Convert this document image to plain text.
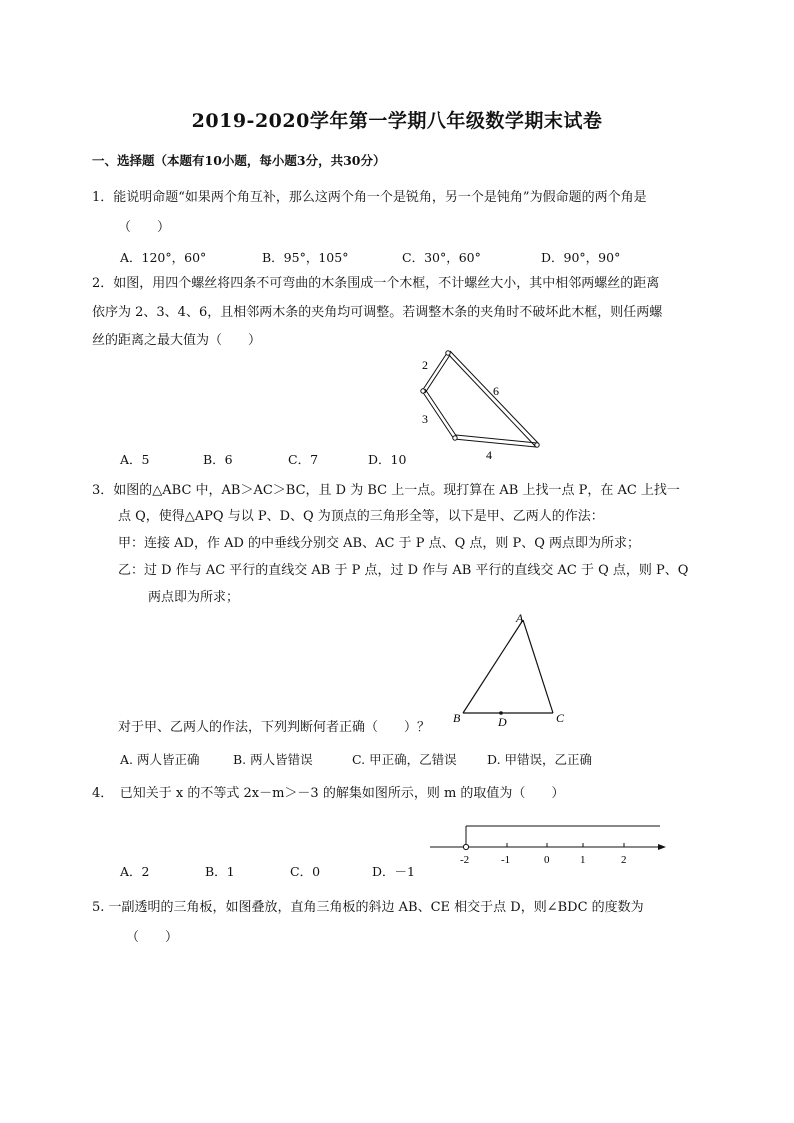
2019-2020学年第一学期八年级数学期末试卷
一、选择题（本题有10小题，每小题3分，共30分）
1．能说明命题“如果两个角互补，那么这两个角一个是锐角，另一个是钝角”为假命题的两个角是
（　　）
A．120°，60°	B．95°，105°	C．30°，60°	D．90°，90°
2．如图，用四个螺丝将四条不可弯曲的木条围成一个木框，不计螺丝大小，其中相邻两螺丝的距离
依序为 2、3、4、6，且相邻两木条的夹角均可调整。若调整木条的夹角时不破坏此木框，则任两螺
丝的距离之最大值为（　　）
2
3
4
6
A．5	B．6	C．7	D．10
3．如图的△ABC 中，AB＞AC＞BC，且 D 为 BC 上一点。现打算在 AB 上找一点 P，在 AC 上找一
点 Q，使得△APQ 与以 P、D、Q 为顶点的三角形全等，以下是甲、乙两人的作法：
甲：连接 AD，作 AD 的中垂线分别交 AB、AC 于 P 点、Q 点，则 P、Q 两点即为所求；
乙：过 D 作与 AC 平行的直线交 AB 于 P 点，过 D 作与 AB 平行的直线交 AC 于 Q 点，则 P、Q
两点即为所求；
A
B	D	C
对于甲、乙两人的作法，下列判断何者正确（　　）？
A. 两人皆正确	B. 两人皆错误	C. 甲正确，乙错误 D. 甲错误，乙正确
4．　已知关于 x 的不等式 2x－m＞－3 的解集如图所示，则 m 的取值为（　　）
-2	-1	0	1	2
A．2	B．1	C．0	D．－1
5. 一副透明的三角板，如图叠放，直角三角板的斜边 AB、CE 相交于点 D，则∠BDC 的度数为
（　　）
